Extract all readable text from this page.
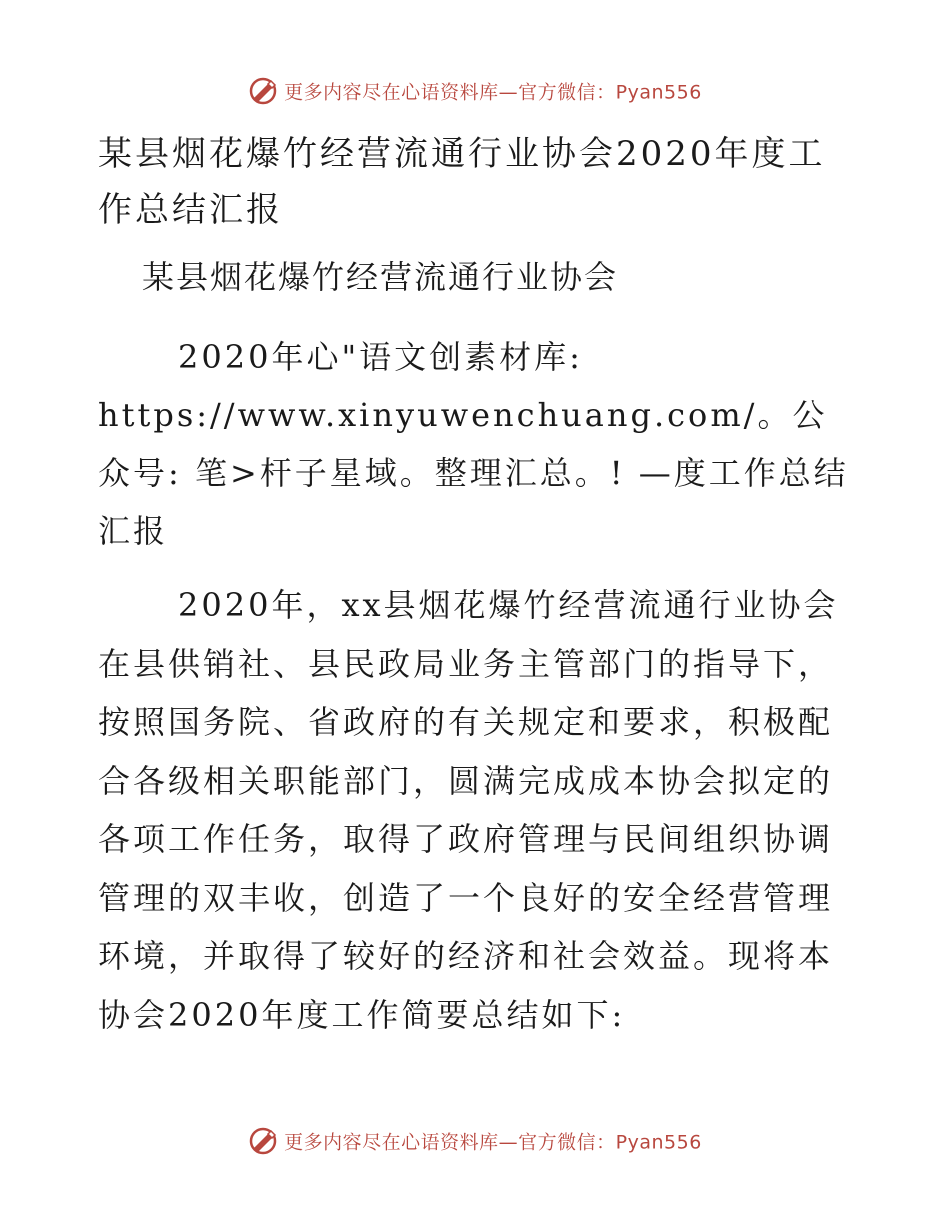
更多内容尽在心语资料库—官方微信：Pyan556
某县烟花爆竹经营流通行业协会2020年度工作总结汇报
某县烟花爆竹经营流通行业协会
2020年心"语文创素材库: https://www.xinyuwenchuang.com/。公众号: 笔>杆子星域。整理汇总。! —度工作总结汇报
2020年，xx县烟花爆竹经营流通行业协会在县供销社、县民政局业务主管部门的指导下，按照国务院、省政府的有关规定和要求，积极配合各级相关职能部门，圆满完成成本协会拟定的各项工作任务，取得了政府管理与民间组织协调管理的双丰收，创造了一个良好的安全经营管理环境，并取得了较好的经济和社会效益。现将本协会2020年度工作简要总结如下:
更多内容尽在心语资料库—官方微信：Pyan556
